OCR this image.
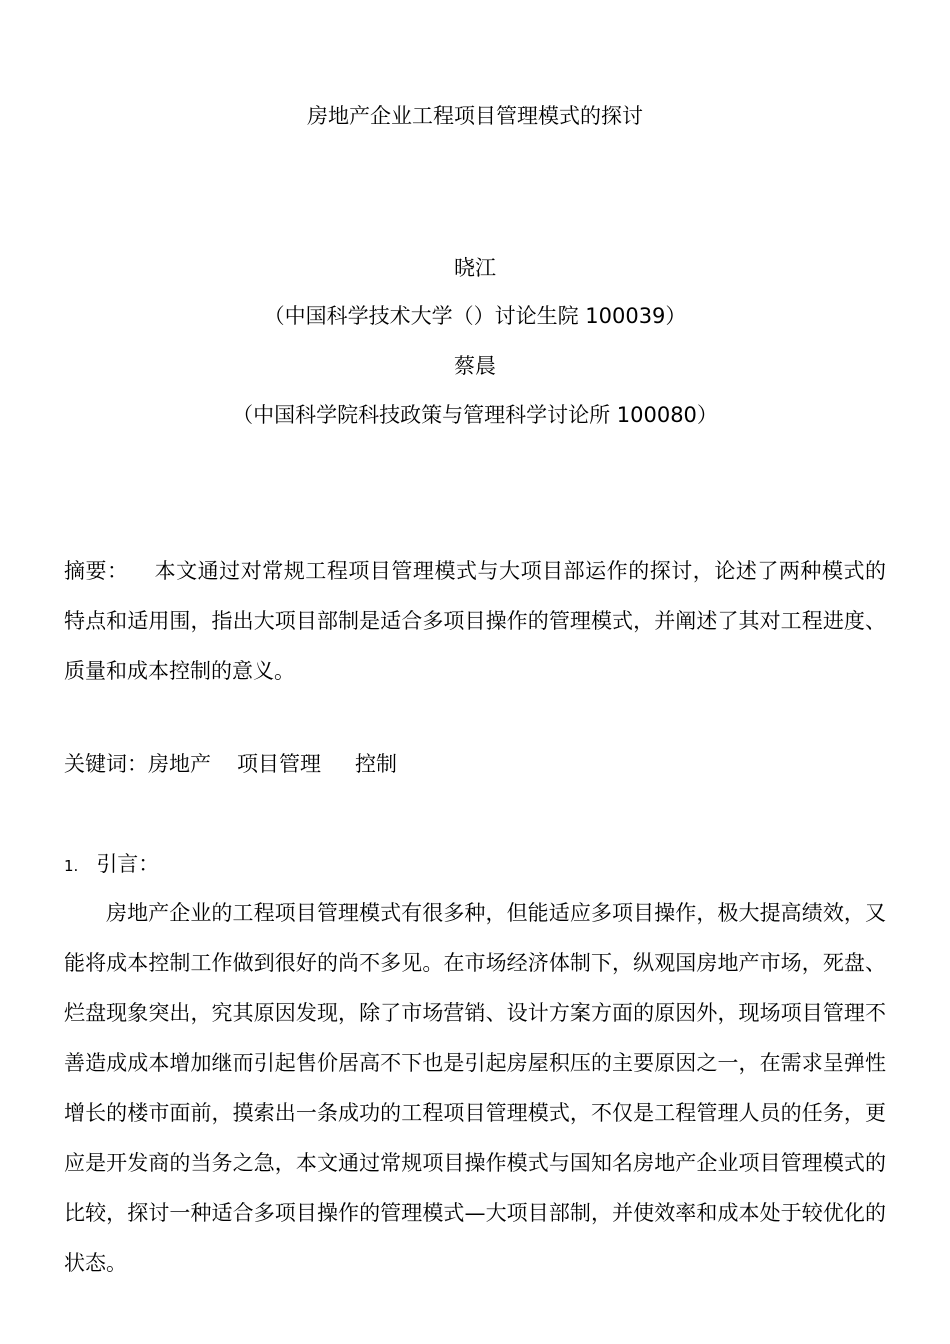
房地产企业工程项目管理模式的探讨
晓江
（中国科学技术大学（）讨论生院 100039）
蔡晨
（中国科学院科技政策与管理科学讨论所 100080）
摘要： 本文通过对常规工程项目管理模式与大项目部运作的探讨，论述了两种模式的特点和适用围，指出大项目部制是适合多项目操作的管理模式，并阐述了其对工程进度、质量和成本控制的意义。
关键词：房地产 项目管理 控制
1. 引言：
房地产企业的工程项目管理模式有很多种，但能适应多项目操作，极大提高绩效，又能将成本控制工作做到很好的尚不多见。在市场经济体制下，纵观国房地产市场，死盘、烂盘现象突出，究其原因发现，除了市场营销、设计方案方面的原因外，现场项目管理不善造成成本增加继而引起售价居高不下也是引起房屋积压的主要原因之一，在需求呈弹性增长的楼市面前，摸索出一条成功的工程项目管理模式，不仅是工程管理人员的任务，更应是开发商的当务之急，本文通过常规项目操作模式与国知名房地产企业项目管理模式的比较，探讨一种适合多项目操作的管理模式—大项目部制，并使效率和成本处于较优化的状态。
